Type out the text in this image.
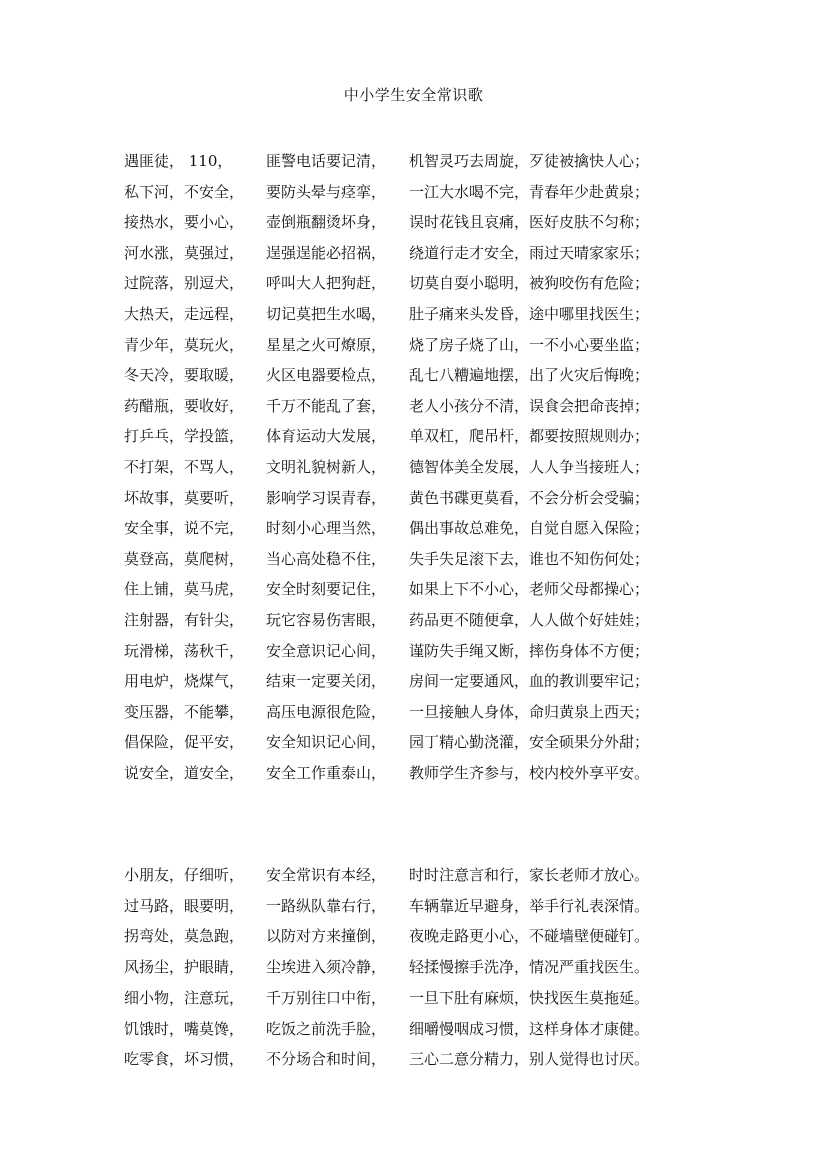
中小学生安全常识歌
遇匪徒， 110， 匪警电话要记清， 机智灵巧去周旋，歹徒被擒快人心；
私下河，不安全， 要防头晕与痉挛， 一江大水喝不完，青春年少赴黄泉；
接热水，要小心， 壶倒瓶翻烫坏身， 误时花钱且哀痛，医好皮肤不匀称；
河水涨，莫强过， 逞强逞能必招祸， 绕道行走才安全，雨过天晴家家乐；
过院落，别逗犬， 呼叫大人把狗赶， 切莫自耍小聪明，被狗咬伤有危险；
大热天，走远程， 切记莫把生水喝， 肚子痛来头发昏，途中哪里找医生；
青少年，莫玩火， 星星之火可燎原， 烧了房子烧了山，一不小心要坐监；
冬天冷，要取暖， 火区电器要检点， 乱七八糟遍地摆，出了火灾后悔晚；
药醋瓶，要收好， 千万不能乱了套， 老人小孩分不清，误食会把命丧掉；
打乒乓，学投篮， 体育运动大发展， 单双杠，爬吊杆，都要按照规则办；
不打架，不骂人， 文明礼貌树新人， 德智体美全发展，人人争当接班人；
坏故事，莫要听， 影响学习误青春， 黄色书碟更莫看，不会分析会受骗；
安全事，说不完， 时刻小心理当然， 偶出事故总难免，自觉自愿入保险；
莫登高，莫爬树， 当心高处稳不住， 失手失足滚下去，谁也不知伤何处；
住上铺，莫马虎， 安全时刻要记住， 如果上下不小心，老师父母都操心；
注射器，有针尖， 玩它容易伤害眼， 药品更不随便拿，人人做个好娃娃；
玩滑梯，荡秋千， 安全意识记心间， 谨防失手绳又断，摔伤身体不方便；
用电炉，烧煤气， 结束一定要关闭， 房间一定要通风，血的教训要牢记；
变压器，不能攀， 高压电源很危险， 一旦接触人身体，命归黄泉上西天；
倡保险，促平安， 安全知识记心间， 园丁精心勤浇灌，安全硕果分外甜；
说安全，道安全， 安全工作重泰山， 教师学生齐参与，校内校外享平安。
小朋友，仔细听， 安全常识有本经， 时时注意言和行，家长老师才放心。
过马路，眼要明， 一路纵队靠右行， 车辆靠近早避身，举手行礼表深情。
拐弯处，莫急跑， 以防对方来撞倒， 夜晚走路更小心，不碰墙壁便碰钉。
风扬尘，护眼睛， 尘埃进入须冷静， 轻揉慢擦手洗净，情况严重找医生。
细小物，注意玩， 千万别往口中衔， 一旦下肚有麻烦，快找医生莫拖延。
饥饿时，嘴莫馋， 吃饭之前洗手脸， 细嚼慢咽成习惯，这样身体才康健。
吃零食，坏习惯， 不分场合和时间， 三心二意分精力，别人觉得也讨厌。
